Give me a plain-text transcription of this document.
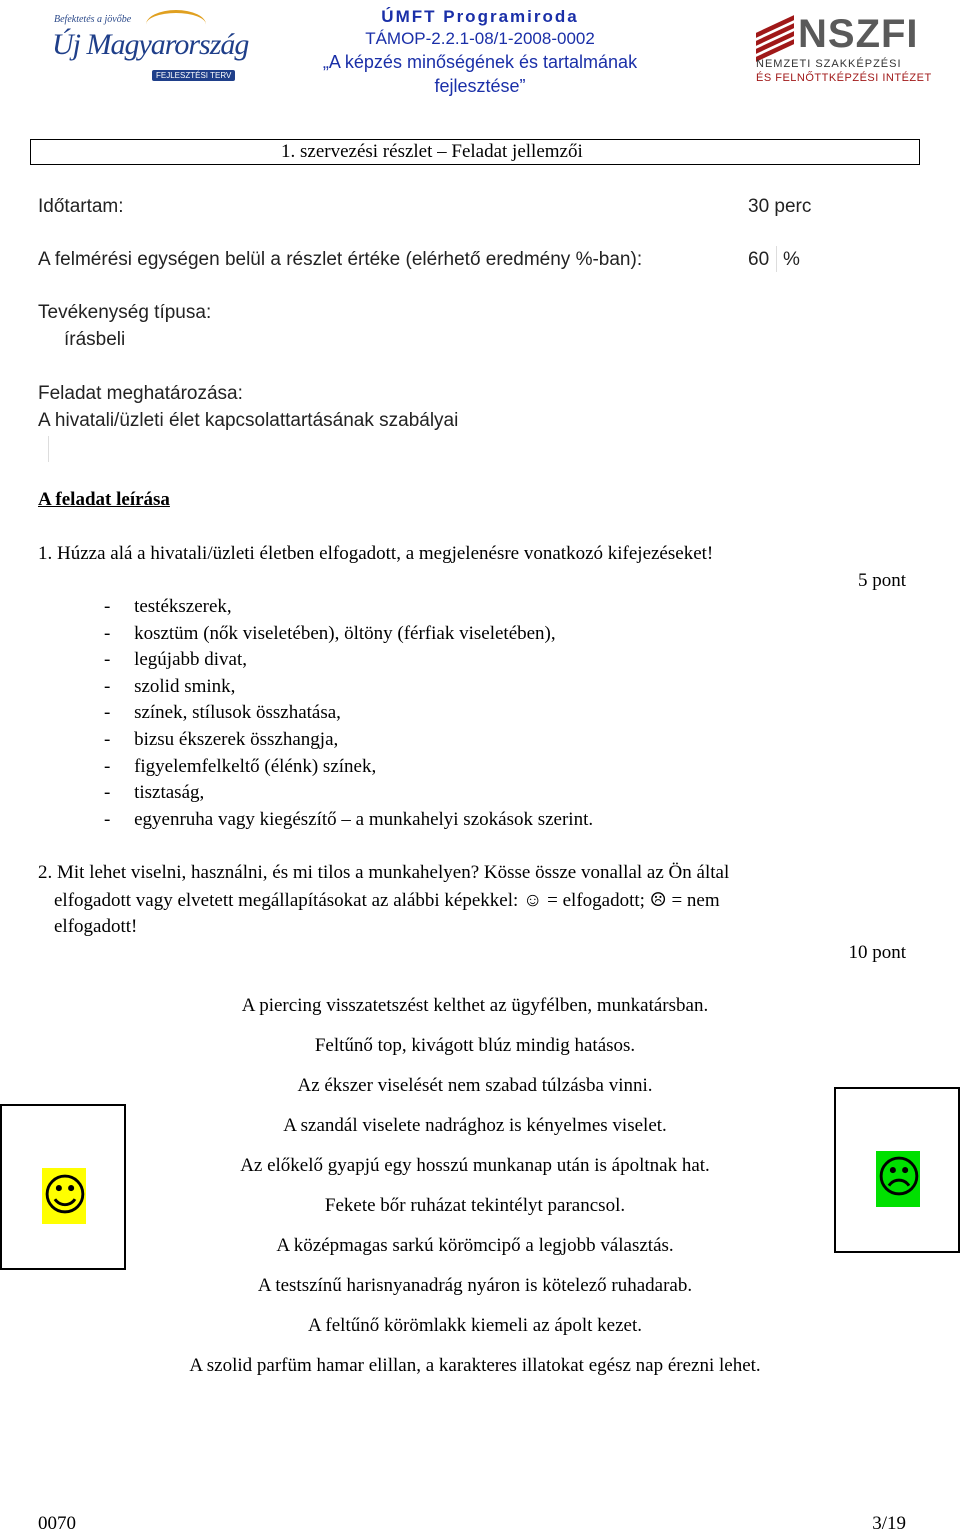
Befektetés a jövőbe
Új Magyarország
FEJLESZTÉSI TERV
ÚMFT Programiroda
TÁMOP-2.2.1-08/1-2008-0002
„A képzés minőségének és tartalmának
fejlesztése”
NSZFI
NEMZETI SZAKKÉPZÉSI
ÉS FELNŐTTKÉPZÉSI INTÉZET
1. szervezési részlet – Feladat jellemzői
Időtartam:	30 perc
A felmérési egységen belül a részlet értéke (elérhető eredmény %-ban):	60 %
Tevékenység típusa:
írásbeli
Feladat meghatározása:
A hivatali/üzleti élet kapcsolattartásának szabályai
A feladat leírása
1. Húzza alá a hivatali/üzleti életben elfogadott, a megjelenésre vonatkozó kifejezéseket!
5 pont
-     testékszerek,
-     kosztüm (nők viseletében), öltöny (férfiak viseletében),
-     legújabb divat,
-     szolid smink,
-     színek, stílusok összhatása,
-     bizsu ékszerek összhangja,
-     figyelemfelkeltő (élénk) színek,
-     tisztaság,
-     egyenruha vagy kiegészítő – a munkahelyi szokások szerint.
2. Mit lehet viselni, használni, és mi tilos a munkahelyen? Kösse össze vonallal az Ön által
elfogadott vagy elvetett megállapításokat az alábbi képekkel: ☺ = elfogadott; ☹ = nem
elfogadott!
10 pont
A piercing visszatetszést kelthet az ügyfélben, munkatársban.
Feltűnő top, kivágott blúz mindig hatásos.
Az ékszer viselését nem szabad túlzásba vinni.
A szandál viselete nadrághoz is kényelmes viselet.
Az előkelő gyapjú egy hosszú munkanap után is ápoltnak hat.
Fekete bőr ruházat tekintélyt parancsol.
A középmagas sarkú körömcipő a legjobb választás.
A testszínű harisnyanadrág nyáron is kötelező ruhadarab.
A feltűnő körömlakk kiemeli az ápolt kezet.
A szolid parfüm hamar elillan, a karakteres illatokat egész nap érezni lehet.
☺	☹
0070	3/19
